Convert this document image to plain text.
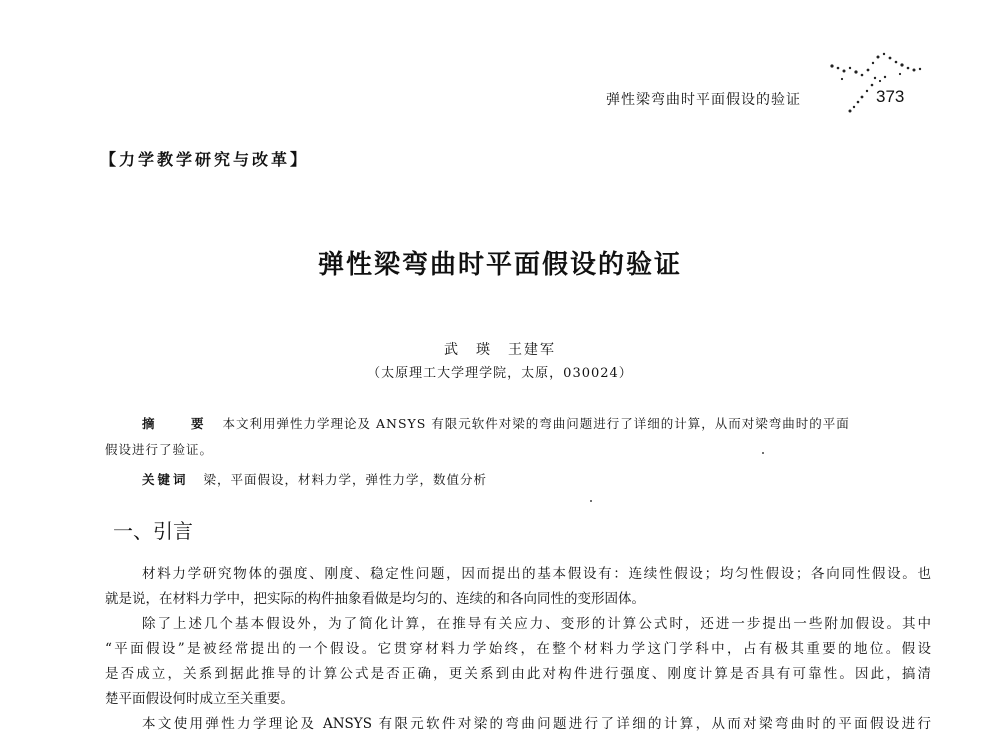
弹性梁弯曲时平面假设的验证	373
【力学教学研究与改革】
弹性梁弯曲时平面假设的验证
武　瑛　王建军
（太原理工大学理学院，太原，030024）
摘　要 本文利用弹性力学理论及 ANSYS 有限元软件对梁的弯曲问题进行了详细的计算，从而对梁弯曲时的平面
假设进行了验证。
关键词 梁，平面假设，材料力学，弹性力学，数值分析
一、引言
材料力学研究物体的强度、刚度、稳定性问题，因而提出的基本假设有：连续性假设；均匀性假设；各向同性假设。也
就是说，在材料力学中，把实际的构件抽象看做是均匀的、连续的和各向同性的变形固体。
除了上述几个基本假设外，为了简化计算，在推导有关应力、变形的计算公式时，还进一步提出一些附加假设。其中
“平面假设”是被经常提出的一个假设。它贯穿材料力学始终，在整个材料力学这门学科中，占有极其重要的地位。假设
是否成立，关系到据此推导的计算公式是否正确，更关系到由此对构件进行强度、刚度计算是否具有可靠性。因此，搞清
楚平面假设何时成立至关重要。
本文使用弹性力学理论及 ANSYS 有限元软件对梁的弯曲问题进行了详细的计算，从而对梁弯曲时的平面假设进行
